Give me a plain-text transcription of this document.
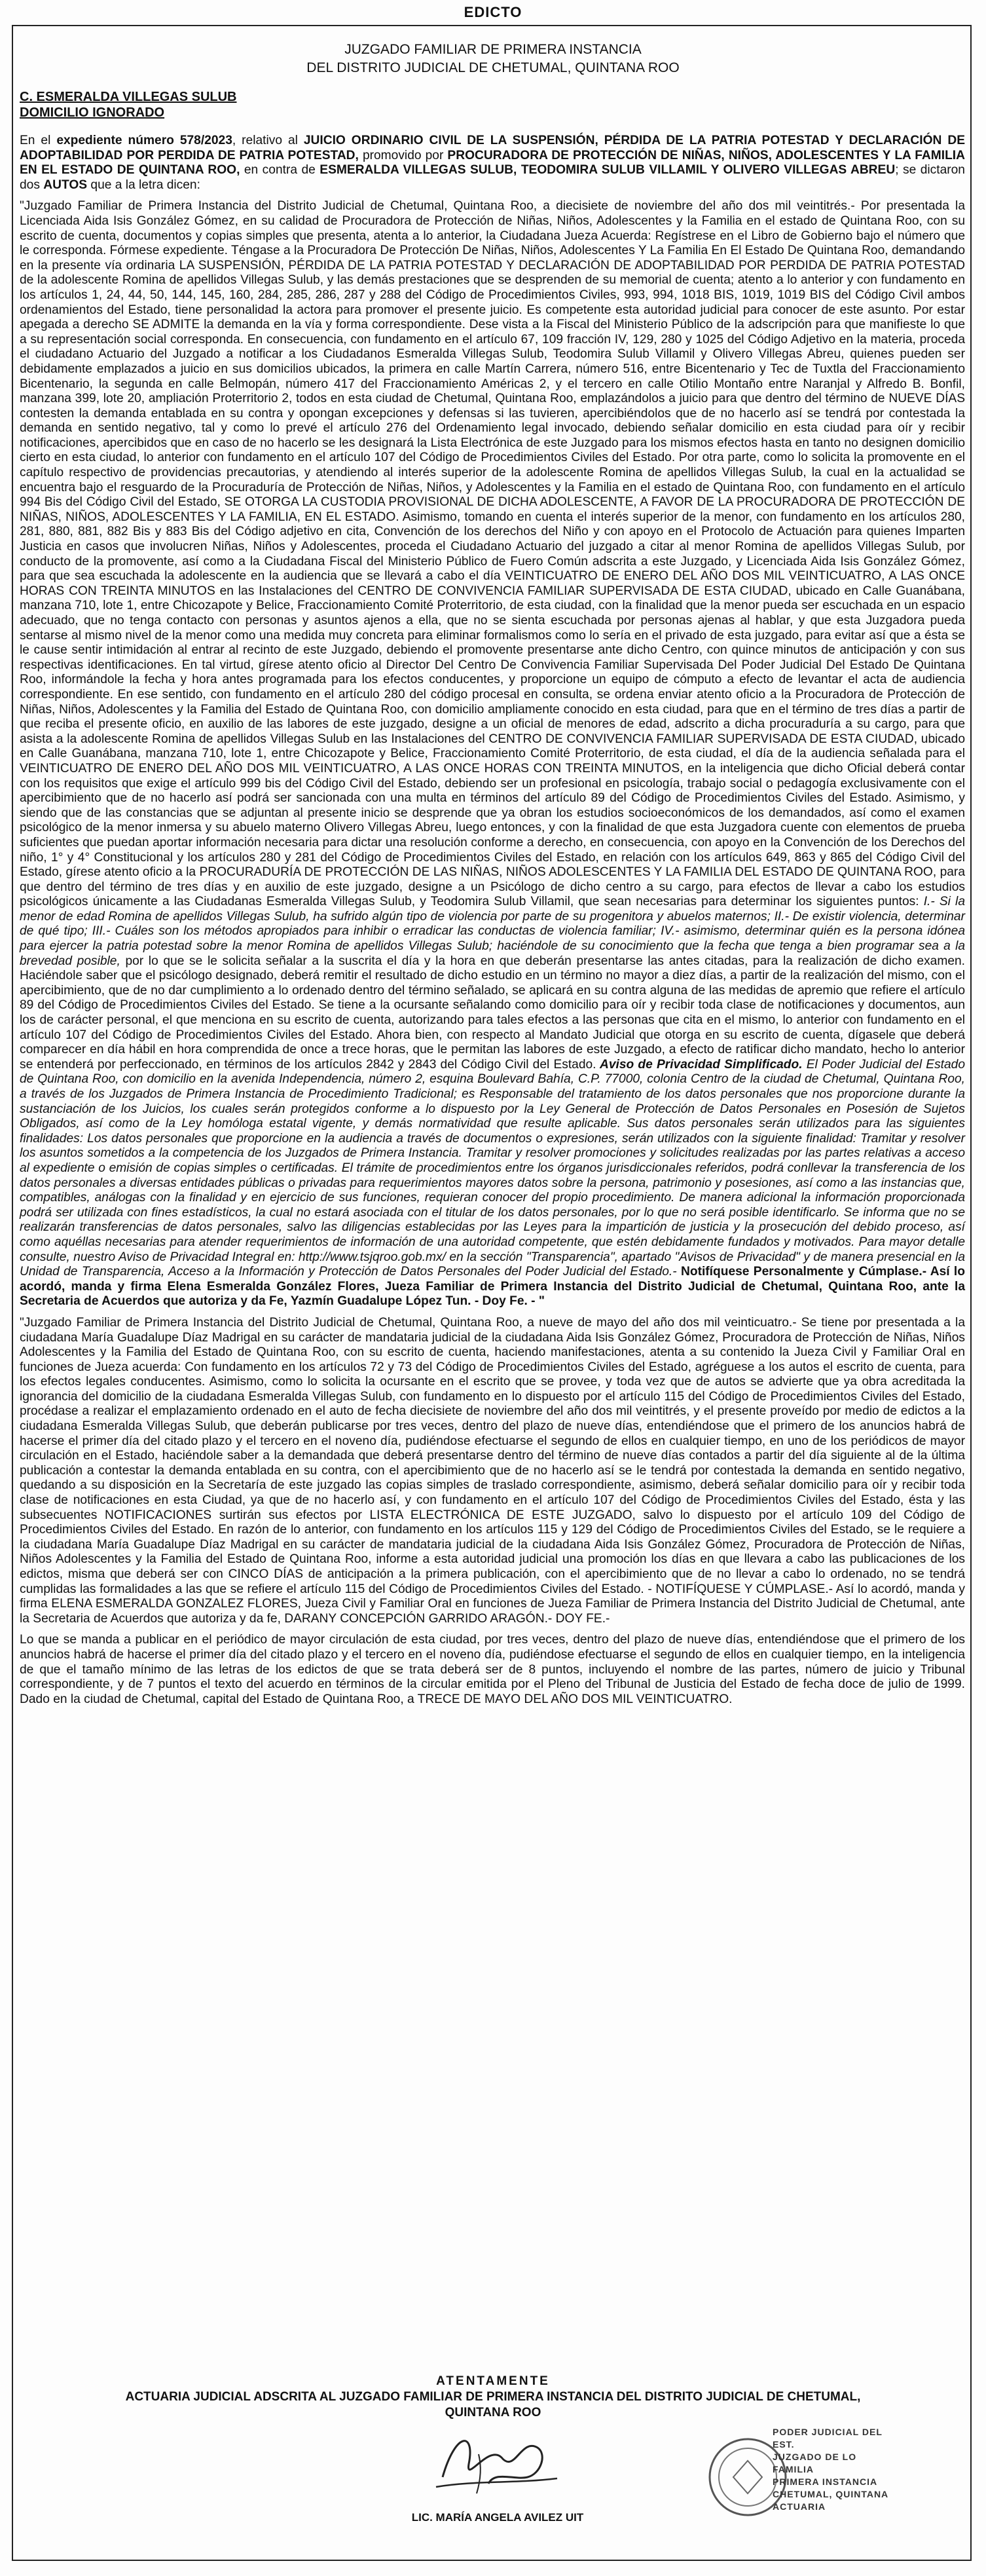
EDICTO
JUZGADO FAMILIAR DE PRIMERA INSTANCIA
DEL DISTRITO JUDICIAL DE CHETUMAL, QUINTANA ROO
C. ESMERALDA VILLEGAS SULUB
DOMICILIO IGNORADO

En el expediente número 578/2023, relativo al JUICIO ORDINARIO CIVIL DE LA SUSPENSIÓN, PÉRDIDA DE LA PATRIA POTESTAD Y DECLARACIÓN DE ADOPTABILIDAD POR PERDIDA DE PATRIA POTESTAD, promovido por PROCURADORA DE PROTECCIÓN DE NIÑAS, NIÑOS, ADOLESCENTES Y LA FAMILIA EN EL ESTADO DE QUINTANA ROO, en contra de ESMERALDA VILLEGAS SULUB, TEODOMIRA SULUB VILLAMIL Y OLIVERO VILLEGAS ABREU; se dictaron dos AUTOS que a la letra dicen:

"Juzgado Familiar de Primera Instancia del Distrito Judicial de Chetumal, Quintana Roo, a diecisiete de noviembre del año dos mil veintitrés.- Por presentada la Licenciada Aida Isis González Gómez, en su calidad de Procuradora de Protección de Niñas, Niños, Adolescentes y la Familia en el estado de Quintana Roo, con su escrito de cuenta, documentos y copias simples que presenta, atenta a lo anterior, la Ciudadana Jueza Acuerda: Regístrese en el Libro de Gobierno bajo el número que le corresponda. Fórmese expediente. Téngase a la Procuradora De Protección De Niñas, Niños, Adolescentes Y La Familia En El Estado De Quintana Roo, demandando en la presente vía ordinaria LA SUSPENSIÓN, PÉRDIDA DE LA PATRIA POTESTAD Y DECLARACIÓN DE ADOPTABILIDAD POR PERDIDA DE PATRIA POTESTAD de la adolescente Romina de apellidos Villegas Sulub, y las demás prestaciones que se desprenden de su memorial de cuenta; atento a lo anterior y con fundamento en los artículos 1, 24, 44, 50, 144, 145, 160, 284, 285, 286, 287 y 288 del Código de Procedimientos Civiles, 993, 994, 1018 BIS, 1019, 1019 BIS del Código Civil ambos ordenamientos del Estado, tiene personalidad la actora para promover el presente juicio. Es competente esta autoridad judicial para conocer de este asunto. Por estar apegada a derecho SE ADMITE la demanda en la vía y forma correspondiente. Dese vista a la Fiscal del Ministerio Público de la adscripción para que manifieste lo que a su representación social corresponda. En consecuencia, con fundamento en el artículo 67, 109 fracción IV, 129, 280 y 1025 del Código Adjetivo en la materia, proceda el ciudadano Actuario del Juzgado a notificar a los Ciudadanos Esmeralda Villegas Sulub, Teodomira Sulub Villamil y Olivero Villegas Abreu, quienes pueden ser debidamente emplazados a juicio en sus domicilios ubicados, la primera en calle Martín Carrera, número 516, entre Bicentenario y Tec de Tuxtla del Fraccionamiento Bicentenario, la segunda en calle Belmopán, número 417 del Fraccionamiento Américas 2, y el tercero en calle Otilio Montaño entre Naranjal y Alfredo B. Bonfil, manzana 399, lote 20, ampliación Proterritorio 2, todos en esta ciudad de Chetumal, Quintana Roo, emplazándolos a juicio para que dentro del término de NUEVE DÍAS contesten la demanda entablada en su contra y opongan excepciones y defensas si las tuvieren, apercibiéndolos que de no hacerlo así se tendrá por contestada la demanda en sentido negativo, tal y como lo prevé el artículo 276 del Ordenamiento legal invocado, debiendo señalar domicilio en esta ciudad para oír y recibir notificaciones, apercibidos que en caso de no hacerlo se les designará la Lista Electrónica de este Juzgado para los mismos efectos hasta en tanto no designen domicilio cierto en esta ciudad, lo anterior con fundamento en el artículo 107 del Código de Procedimientos Civiles del Estado. Por otra parte, como lo solicita la promovente en el capítulo respectivo de providencias precautorias, y atendiendo al interés superior de la adolescente Romina de apellidos Villegas Sulub, la cual en la actualidad se encuentra bajo el resguardo de la Procuraduría de Protección de Niñas, Niños, y Adolescentes y la Familia en el estado de Quintana Roo, con fundamento en el artículo 994 Bis del Código Civil del Estado, SE OTORGA LA CUSTODIA PROVISIONAL DE DICHA ADOLESCENTE, A FAVOR DE LA PROCURADORA DE PROTECCIÓN DE NIÑAS, NIÑOS, ADOLESCENTES Y LA FAMILIA, EN EL ESTADO. Asimismo, tomando en cuenta el interés superior de la menor, con fundamento en los artículos 280, 281, 880, 881, 882 Bis y 883 Bis del Código adjetivo en cita, Convención de los derechos del Niño y con apoyo en el Protocolo de Actuación para quienes Imparten Justicia en casos que involucren Niñas, Niños y Adolescentes, proceda el Ciudadano Actuario del juzgado a citar al menor Romina de apellidos Villegas Sulub, por conducto de la promovente, así como a la Ciudadana Fiscal del Ministerio Público de Fuero Común adscrita a este Juzgado, y Licenciada Aida Isis González Gómez, para que sea escuchada la adolescente en la audiencia que se llevará a cabo el día VEINTICUATRO DE ENERO DEL AÑO DOS MIL VEINTICUATRO, A LAS ONCE HORAS CON TREINTA MINUTOS en las Instalaciones del CENTRO DE CONVIVENCIA FAMILIAR SUPERVISADA DE ESTA CIUDAD, ubicado en Calle Guanábana, manzana 710, lote 1, entre Chicozapote y Belice, Fraccionamiento Comité Proterritorio, de esta ciudad, con la finalidad que la menor pueda ser escuchada en un espacio adecuado, que no tenga contacto con personas y asuntos ajenos a ella, que no se sienta escuchada por personas ajenas al hablar, y que esta Juzgadora pueda sentarse al mismo nivel de la menor como una medida muy concreta para eliminar formalismos como lo sería en el privado de esta juzgado, para evitar así que a ésta se le cause sentir intimidación al entrar al recinto de este Juzgado, debiendo el promovente presentarse ante dicho Centro, con quince minutos de anticipación y con sus respectivas identificaciones. En tal virtud, gírese atento oficio al Director Del Centro De Convivencia Familiar Supervisada Del Poder Judicial Del Estado De Quintana Roo, informándole la fecha y hora antes programada para los efectos conducentes, y proporcione un equipo de cómputo a efecto de levantar el acta de audiencia correspondiente. En ese sentido, con fundamento en el artículo 280 del código procesal en consulta, se ordena enviar atento oficio a la Procuradora de Protección de Niñas, Niños, Adolescentes y la Familia del Estado de Quintana Roo, con domicilio ampliamente conocido en esta ciudad, para que en el término de tres días a partir de que reciba el presente oficio, en auxilio de las labores de este juzgado, designe a un oficial de menores de edad, adscrito a dicha procuraduría a su cargo, para que asista a la adolescente Romina de apellidos Villegas Sulub en las Instalaciones del CENTRO DE CONVIVENCIA FAMILIAR SUPERVISADA DE ESTA CIUDAD, ubicado en Calle Guanábana, manzana 710, lote 1, entre Chicozapote y Belice, Fraccionamiento Comité Proterritorio, de esta ciudad, el día de la audiencia señalada para el VEINTICUATRO DE ENERO DEL AÑO DOS MIL VEINTICUATRO, A LAS ONCE HORAS CON TREINTA MINUTOS, en la inteligencia que dicho Oficial deberá contar con los requisitos que exige el artículo 999 bis del Código Civil del Estado, debiendo ser un profesional en psicología, trabajo social o pedagogía exclusivamente con el apercibimiento que de no hacerlo así podrá ser sancionada con una multa en términos del artículo 89 del Código de Procedimientos Civiles del Estado. Asimismo, y siendo que de las constancias que se adjuntan al presente inicio se desprende que ya obran los estudios socioeconómicos de los demandados, así como el examen psicológico de la menor inmersa y su abuelo materno Olivero Villegas Abreu, luego entonces, y con la finalidad de que esta Juzgadora cuente con elementos de prueba suficientes que puedan aportar información necesaria para dictar una resolución conforme a derecho, en consecuencia, con apoyo en la Convención de los Derechos del niño, 1° y 4° Constitucional y los artículos 280 y 281 del Código de Procedimientos Civiles del Estado, en relación con los artículos 649, 863 y 865 del Código Civil del Estado, gírese atento oficio a la PROCURADURÍA DE PROTECCIÓN DE LAS NIÑAS, NIÑOS ADOLESCENTES Y LA FAMILIA DEL ESTADO DE QUINTANA ROO, para que dentro del término de tres días y en auxilio de este juzgado, designe a un Psicólogo de dicho centro a su cargo, para efectos de llevar a cabo los estudios psicológicos únicamente a las Ciudadanas Esmeralda Villegas Sulub, y Teodomira Sulub Villamil, que sean necesarias para determinar los siguientes puntos: I.- Si la menor de edad Romina de apellidos Villegas Sulub, ha sufrido algún tipo de violencia por parte de su progenitora y abuelos maternos; II.- De existir violencia, determinar de qué tipo; III.- Cuáles son los métodos apropiados para inhibir o erradicar las conductas de violencia familiar; IV.- asimismo, determinar quién es la persona idónea para ejercer la patria potestad sobre la menor Romina de apellidos Villegas Sulub; haciéndole de su conocimiento que la fecha que tenga a bien programar sea a la brevedad posible, por lo que se le solicita señalar a la suscrita el día y la hora en que deberán presentarse las antes citadas, para la realización de dicho examen. Haciéndole saber que el psicólogo designado, deberá remitir el resultado de dicho estudio en un término no mayor a diez días, a partir de la realización del mismo, con el apercibimiento, que de no dar cumplimiento a lo ordenado dentro del término señalado, se aplicará en su contra alguna de las medidas de apremio que refiere el artículo 89 del Código de Procedimientos Civiles del Estado. Se tiene a la ocursante señalando como domicilio para oír y recibir toda clase de notificaciones y documentos, aun los de carácter personal, el que menciona en su escrito de cuenta, autorizando para tales efectos a las personas que cita en el mismo, lo anterior con fundamento en el artículo 107 del Código de Procedimientos Civiles del Estado. Ahora bien, con respecto al Mandato Judicial que otorga en su escrito de cuenta, dígasele que deberá comparecer en día hábil en hora comprendida de once a trece horas, que le permitan las labores de este Juzgado, a efecto de ratificar dicho mandato, hecho lo anterior se entenderá por perfeccionado, en términos de los artículos 2842 y 2843 del Código Civil del Estado. Aviso de Privacidad Simplificado. El Poder Judicial del Estado de Quintana Roo, con domicilio en la avenida Independencia, número 2, esquina Boulevard Bahía, C.P. 77000, colonia Centro de la ciudad de Chetumal, Quintana Roo, a través de los Juzgados de Primera Instancia de Procedimiento Tradicional; es Responsable del tratamiento de los datos personales que nos proporcione durante la sustanciación de los Juicios, los cuales serán protegidos conforme a lo dispuesto por la Ley General de Protección de Datos Personales en Posesión de Sujetos Obligados, así como de la Ley homóloga estatal vigente, y demás normatividad que resulte aplicable. Sus datos personales serán utilizados para las siguientes finalidades: Los datos personales que proporcione en la audiencia a través de documentos o expresiones, serán utilizados con la siguiente finalidad: Tramitar y resolver los asuntos sometidos a la competencia de los Juzgados de Primera Instancia. Tramitar y resolver promociones y solicitudes realizadas por las partes relativas a acceso al expediente o emisión de copias simples o certificadas. El trámite de procedimientos entre los órganos jurisdiccionales referidos, podrá conllevar la transferencia de los datos personales a diversas entidades públicas o privadas para requerimientos mayores datos sobre la persona, patrimonio y posesiones, así como a las instancias que, compatibles, análogas con la finalidad y en ejercicio de sus funciones, requieran conocer del propio procedimiento. De manera adicional la información proporcionada podrá ser utilizada con fines estadísticos, la cual no estará asociada con el titular de los datos personales, por lo que no será posible identificarlo. Se informa que no se realizarán transferencias de datos personales, salvo las diligencias establecidas por las Leyes para la impartición de justicia y la prosecución del debido proceso, así como aquéllas necesarias para atender requerimientos de información de una autoridad competente, que estén debidamente fundados y motivados. Para mayor detalle consulte, nuestro Aviso de Privacidad Integral en: http://www.tsjqroo.gob.mx/ en la sección "Transparencia", apartado "Avisos de Privacidad" y de manera presencial en la Unidad de Transparencia, Acceso a la Información y Protección de Datos Personales del Poder Judicial del Estado.- Notifíquese Personalmente y Cúmplase.- Así lo acordó, manda y firma Elena Esmeralda González Flores, Jueza Familiar de Primera Instancia del Distrito Judicial de Chetumal, Quintana Roo, ante la Secretaria de Acuerdos que autoriza y da Fe, Yazmín Guadalupe López Tun. - Doy Fe. - "

"Juzgado Familiar de Primera Instancia del Distrito Judicial de Chetumal, Quintana Roo, a nueve de mayo del año dos mil veinticuatro.- Se tiene por presentada a la ciudadana María Guadalupe Díaz Madrigal en su carácter de mandataria judicial de la ciudadana Aida Isis González Gómez, Procuradora de Protección de Niñas, Niños Adolescentes y la Familia del Estado de Quintana Roo, con su escrito de cuenta, haciendo manifestaciones, atenta a su contenido la Jueza Civil y Familiar Oral en funciones de Jueza acuerda: Con fundamento en los artículos 72 y 73 del Código de Procedimientos Civiles del Estado, agréguese a los autos el escrito de cuenta, para los efectos legales conducentes. Asimismo, como lo solicita la ocursante en el escrito que se provee, y toda vez que de autos se advierte que ya obra acreditada la ignorancia del domicilio de la ciudadana Esmeralda Villegas Sulub, con fundamento en lo dispuesto por el artículo 115 del Código de Procedimientos Civiles del Estado, procédase a realizar el emplazamiento ordenado en el auto de fecha diecisiete de noviembre del año dos mil veintitrés, y el presente proveído por medio de edictos a la ciudadana Esmeralda Villegas Sulub, que deberán publicarse por tres veces, dentro del plazo de nueve días, entendiéndose que el primero de los anuncios habrá de hacerse el primer día del citado plazo y el tercero en el noveno día, pudiéndose efectuarse el segundo de ellos en cualquier tiempo, en uno de los periódicos de mayor circulación en el Estado, haciéndole saber a la demandada que deberá presentarse dentro del término de nueve días contados a partir del día siguiente al de la última publicación a contestar la demanda entablada en su contra, con el apercibimiento que de no hacerlo así se le tendrá por contestada la demanda en sentido negativo, quedando a su disposición en la Secretaría de este juzgado las copias simples de traslado correspondiente, asimismo, deberá señalar domicilio para oír y recibir toda clase de notificaciones en esta Ciudad, ya que de no hacerlo así, y con fundamento en el artículo 107 del Código de Procedimientos Civiles del Estado, ésta y las subsecuentes NOTIFICACIONES surtirán sus efectos por LISTA ELECTRÓNICA DE ESTE JUZGADO, salvo lo dispuesto por el artículo 109 del Código de Procedimientos Civiles del Estado. En razón de lo anterior, con fundamento en los artículos 115 y 129 del Código de Procedimientos Civiles del Estado, se le requiere a la ciudadana María Guadalupe Díaz Madrigal en su carácter de mandataria judicial de la ciudadana Aida Isis González Gómez, Procuradora de Protección de Niñas, Niños Adolescentes y la Familia del Estado de Quintana Roo, informe a esta autoridad judicial una promoción los días en que llevara a cabo las publicaciones de los edictos, misma que deberá ser con CINCO DÍAS de anticipación a la primera publicación, con el apercibimiento que de no llevar a cabo lo ordenado, no se tendrá cumplidas las formalidades a las que se refiere el artículo 115 del Código de Procedimientos Civiles del Estado. - NOTIFÍQUESE Y CÚMPLASE.- Así lo acordó, manda y firma ELENA ESMERALDA GONZALEZ FLORES, Jueza Civil y Familiar Oral en funciones de Jueza Familiar de Primera Instancia del Distrito Judicial de Chetumal, ante la Secretaria de Acuerdos que autoriza y da fe, DARANY CONCEPCIÓN GARRIDO ARAGÓN.- DOY FE.-

Lo que se manda a publicar en el periódico de mayor circulación de esta ciudad, por tres veces, dentro del plazo de nueve días, entendiéndose que el primero de los anuncios habrá de hacerse el primer día del citado plazo y el tercero en el noveno día, pudiéndose efectuarse el segundo de ellos en cualquier tiempo, en la inteligencia de que el tamaño mínimo de las letras de los edictos de que se trata deberá ser de 8 puntos, incluyendo el nombre de las partes, número de juicio y Tribunal correspondiente, y de 7 puntos el texto del acuerdo en términos de la circular emitida por el Pleno del Tribunal de Justicia del Estado de fecha doce de julio de 1999. Dado en la ciudad de Chetumal, capital del Estado de Quintana Roo, a TRECE DE MAYO DEL AÑO DOS MIL VEINTICUATRO.

ATENTAMENTE
ACTUARIA JUDICIAL ADSCRITA AL JUZGADO FAMILIAR DE PRIMERA INSTANCIA DEL DISTRITO JUDICIAL DE CHETUMAL,
QUINTANA ROO
LIC. MARÍA ANGELA AVILEZ UIT
PODER JUDICIAL DEL EST.
JUZGADO DE LO FAMILIA
PRIMERA INSTANCIA
CHETUMAL, QUINTANA
ACTUARIA
